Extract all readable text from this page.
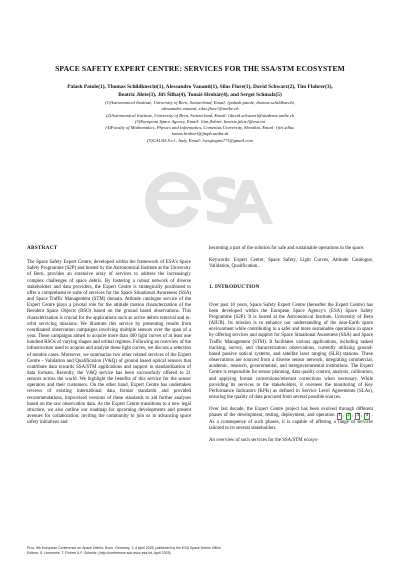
SPACE SAFETY EXPERT CENTRE: SERVICES FOR THE SSA/STM ECOSYSTEM
Palash Patole(1), Thomas Schildknecht(1), Alessandro Vananti(1), Silas Flore(1), David Schwarz(2), Tim Flohrer(3),
Beatriz Jilete(3), Jiří Šilha(4), Tomáš Hrobár(4), and Sergei Schmalz(5)
(1)Astronomical Institute, University of Bern, Switzerland, Email: {palash.patole, thomas.schildknecht,
alessandro.vananti, silas.flore}@unibe.ch
(2)Astronomical Institute, University of Bern, Switzerland, Email: {david.schwarz}@students.unibe.ch
(3)European Space Agency, Email: {tim.flohrer, beatriz.jilete}@esa.int
(4)Faculty of Mathematics, Physics and Informatics, Comenius University, Slovakia, Email: {jiri.silha,
tomas.hrobar}@fmph.uniba.sk
(5)GAUSS S.r.l., Italy, Email: {sergiugms77}@gmail.com
ABSTRACT
The Space Safety Expert Centre, developed within the framework of ESA's Space Safety Programme (S2P) and hosted by the Astronomical Institute at the University of Bern, provides an extensive array of services to address the increasingly complex challenges of space debris. By fostering a robust network of diverse stakeholders and data providers, the Expert Centre is strategically positioned to offer a comprehensive suite of services for the Space Situational Awareness (SSA) and Space Traffic Management (STM) domain. Attitude catalogue service of the Expert Centre plays a pivotal role for the attitude motion characterization of the Resident Space Objects (RSO) based on the ground based observations. This characterization is crucial for the applications such as active debris removal and in-orbit servicing missions. We illustrate this service by presenting results from coordinated observation campaigns involving multiple sensors over the span of a year. These campaigns aimed to acquire more than 400 light curves of at least one hundred RSOs of varying shapes and orbital regimes. Following an overview of the infrastructure used to acquire and analyze these light curves, we discuss a selection of notable cases. Moreover, we summarize two other related services of the Expert Centre - Validation and Qualification (V&Q) of ground based optical sensors that contribute data towards SSA/STM applications and support in standardization of data formats. Recently, the V&Q service has been successfully offered to 21 sensors across the world. We highlight the benefits of this service for the sensor operators and their customers. On the other hand, Expert Centre has undertaken reviews of existing international data format standards and provided recommendations, improvised versions of these standards to aid further analyses based on the raw observation data. As the Expert Centre transitions to a new legal structure, we also outline our roadmap for upcoming developments and present avenues for collaboration, inviting the community to join us in advancing space safety initiatives and
becoming a part of the solution for safe and sustainable operations in the space.
Keywords: Expert Centre, Space Safety, Light Curves, Attitude Catalogue, Validation, Qualification..
1. INTRODUCTION
Over past 10 years, Space Safety Expert Centre (hereafter the Expert Centre) has been developed within the European Space Agency's (ESA) Space Safety Programme (S2P). It is hosted at the Astronomical Institute, University of Bern (AIUB). Its mission is to enhance our understanding of the near-Earth space environment while contributing to a safer and more sustainable operations in space by offering services and support for Space Situational Awareness (SSA) and Space Traffic Management (STM). It facilitates various applications, including tasked tracking, survey, and characterization observations, currently utilizing ground-based passive optical systems, and satellite laser ranging (SLR) stations. These observations are sourced from a diverse sensor network, integrating commercial, academic, research, governmental, and intergovernmental institutions. The Expert Centre is responsible for sensor planning, data quality control, analysis, calibration, and applying format conversions/relevant corrections when necessary. While providing its services to the stakeholders, it oversees the monitoring of Key Performance Indicators (KPIs) as defined in Service Level Agreements (SLAs), ensuring the quality of data procured from several possible sources.
Over last decade, the Expert Centre project has been evolved through different phases of the development, testing, deployment, and operation 1 , 2 , 3 , 4 . As a consequence of such phases, it is capable of offering a range of services tailored to its several stakeholders.
An overview of such services for the SSA/STM ecosys-
Proc. 9th European Conference on Space Debris, Bonn, Germany, 1–4 April 2025, published by the ESA Space Debris Office
Editors: S. Lemmens, T. Flohrer & F. Schmitz, (http://conference.sdo.esoc.esa.int, April 2025)
